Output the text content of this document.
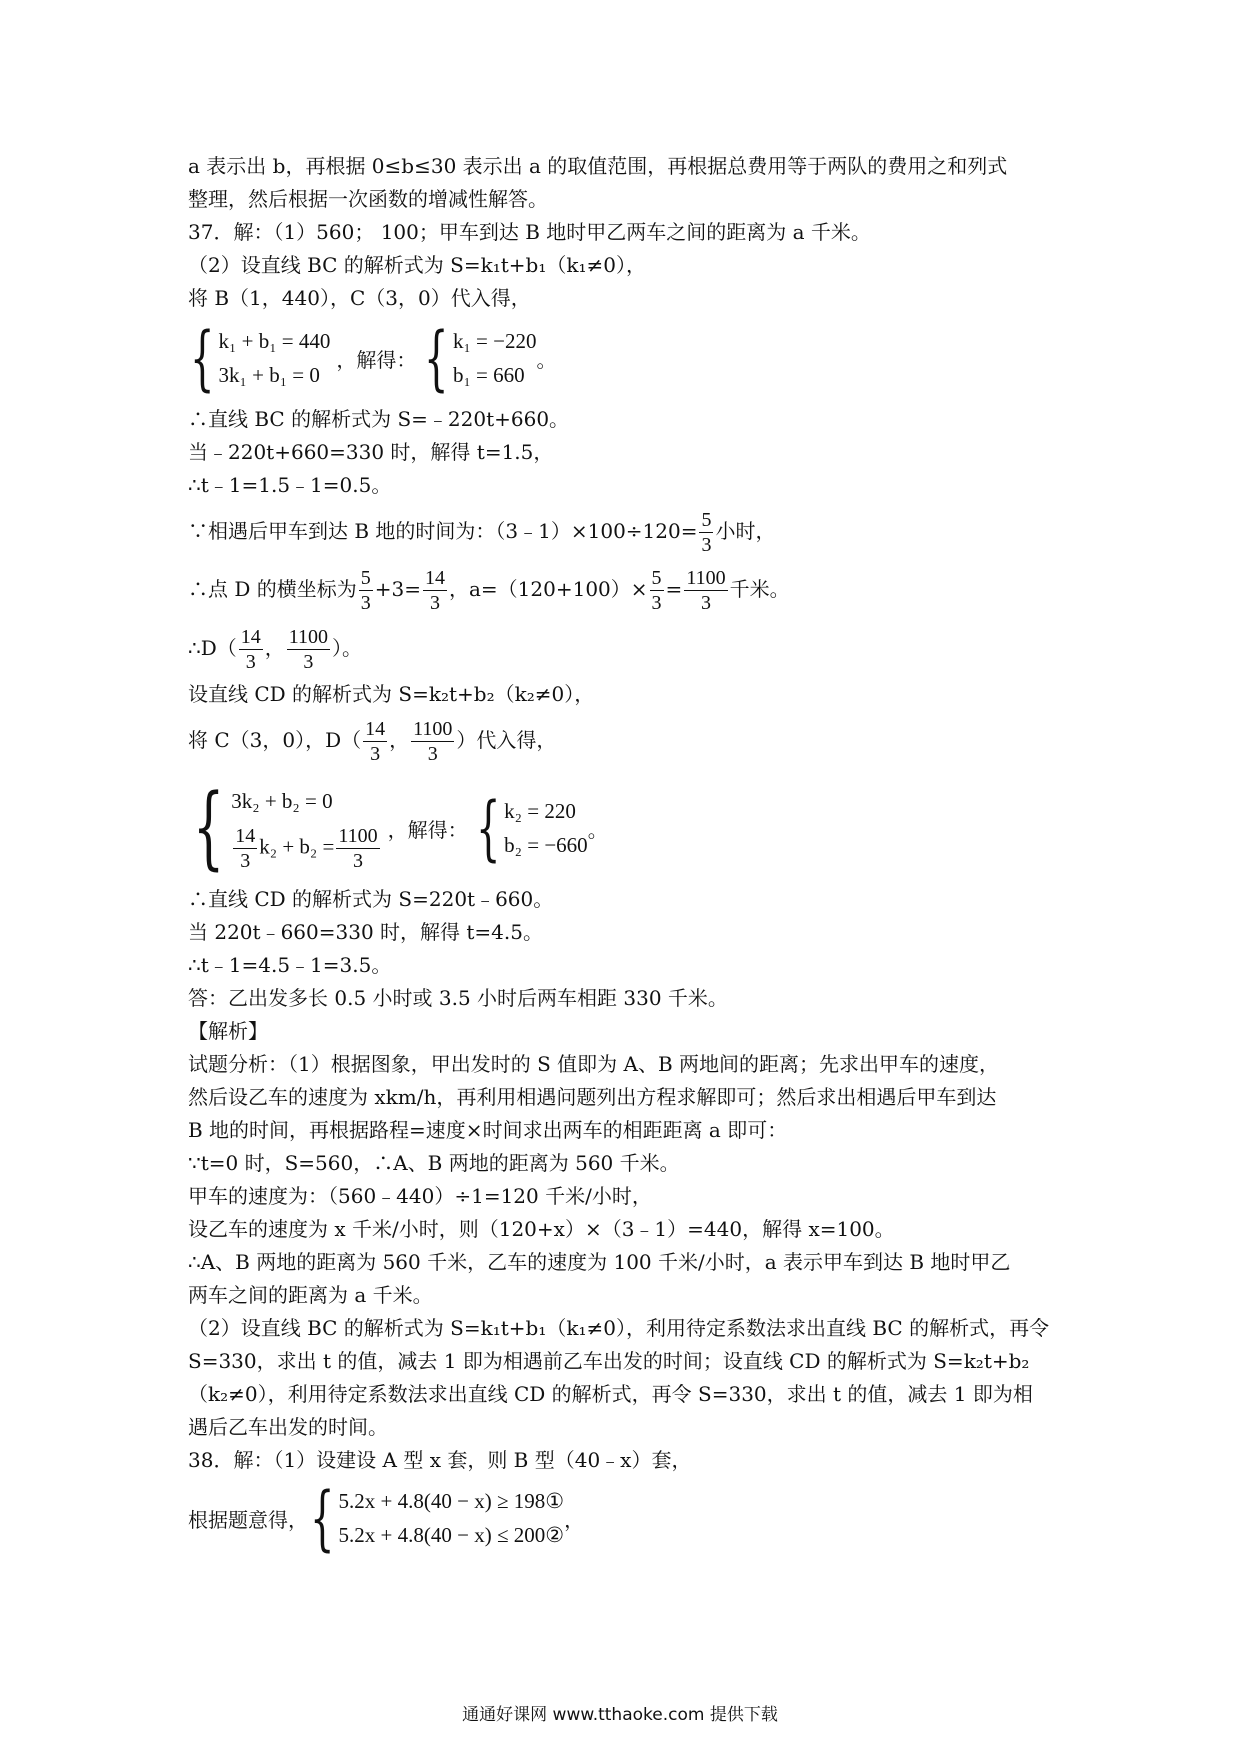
a 表示出 b，再根据 0≤b≤30 表示出 a 的取值范围，再根据总费用等于两队的费用之和列式
整理，然后根据一次函数的增减性解答。
37．解：（1）560； 100；甲车到达 B 地时甲乙两车之间的距离为 a 千米。
（2）设直线 BC 的解析式为 S=k₁t+b₁（k₁≠0），
将 B（1，440），C（3，0）代入得，
{ k₁ + b₁ = 440
3k₁ + b₁ = 0
，解得： { k₁ = −220
b₁ = 660
。
∴直线 BC 的解析式为 S=﹣220t+660。
当﹣220t+660=330 时，解得 t=1.5，
∴t﹣1=1.5﹣1=0.5。
∵相遇后甲车到达 B 地的时间为：（3﹣1）×100÷120= $\frac{5}{3}$ 小时，
∴点 D 的横坐标为 $\frac{5}{3} +3= \frac{14}{3}$ ，$a=(120+100)\times \frac{5}{3} = \frac{1100}{3}$ 千米。
∴D（ $\frac{14}{3}$ ， $\frac{1100}{3}$ ）。
设直线 CD 的解析式为 S=k₂t+b₂（k₂≠0），
将 C（3，0），$D( \frac{14}{3}$ ， $\frac{1100}{3}$ ）代入得，
{ 3k₂ + b₂ = 0
$\frac{14}{3} k_2 + b_2 = \frac{1100}{3}$ ，解得： { k₂ = 220
b₂ = −660
。
∴直线 CD 的解析式为 S=220t﹣660。
当 220t﹣660=330 时，解得 t=4.5。
∴t﹣1=4.5﹣1=3.5。
答：乙出发多长 0.5 小时或 3.5 小时后两车相距 330 千米。
【解析】
试题分析：（1）根据图象，甲出发时的 S 值即为 A、B 两地间的距离；先求出甲车的速度，
然后设乙车的速度为 xkm/h，再利用相遇问题列出方程求解即可；然后求出相遇后甲车到达
B 地的时间，再根据路程=速度×时间求出两车的相距距离 a 即可：
∵t=0 时，S=560，∴A、B 两地的距离为 560 千米。
甲车的速度为：（560﹣440）÷1=120 千米/小时，
设乙车的速度为 x 千米/小时，则（120+x）×（3﹣1）=440，解得 x=100。
∴A、B 两地的距离为 560 千米，乙车的速度为 100 千米/小时，a 表示甲车到达 B 地时甲乙
两车之间的距离为 a 千米。
（2）设直线 BC 的解析式为 S=k₁t+b₁（k₁≠0），利用待定系数法求出直线 BC 的解析式，再令
S=330，求出 t 的值，减去 1 即为相遇前乙车出发的时间；设直线 CD 的解析式为 S=k₂t+b₂
（k₂≠0），利用待定系数法求出直线 CD 的解析式，再令 S=330，求出 t 的值，减去 1 即为相
遇后乙车出发的时间。
38．解：（1）设建设 A 型 x 套，则 B 型（40﹣x）套，
根据题意得， { 5.2x + 4.8(40 − x) ≥ 198①
5.2x + 4.8(40 − x) ≤ 200②
，
通通好课网 www.tthaoke.com 提供下载
